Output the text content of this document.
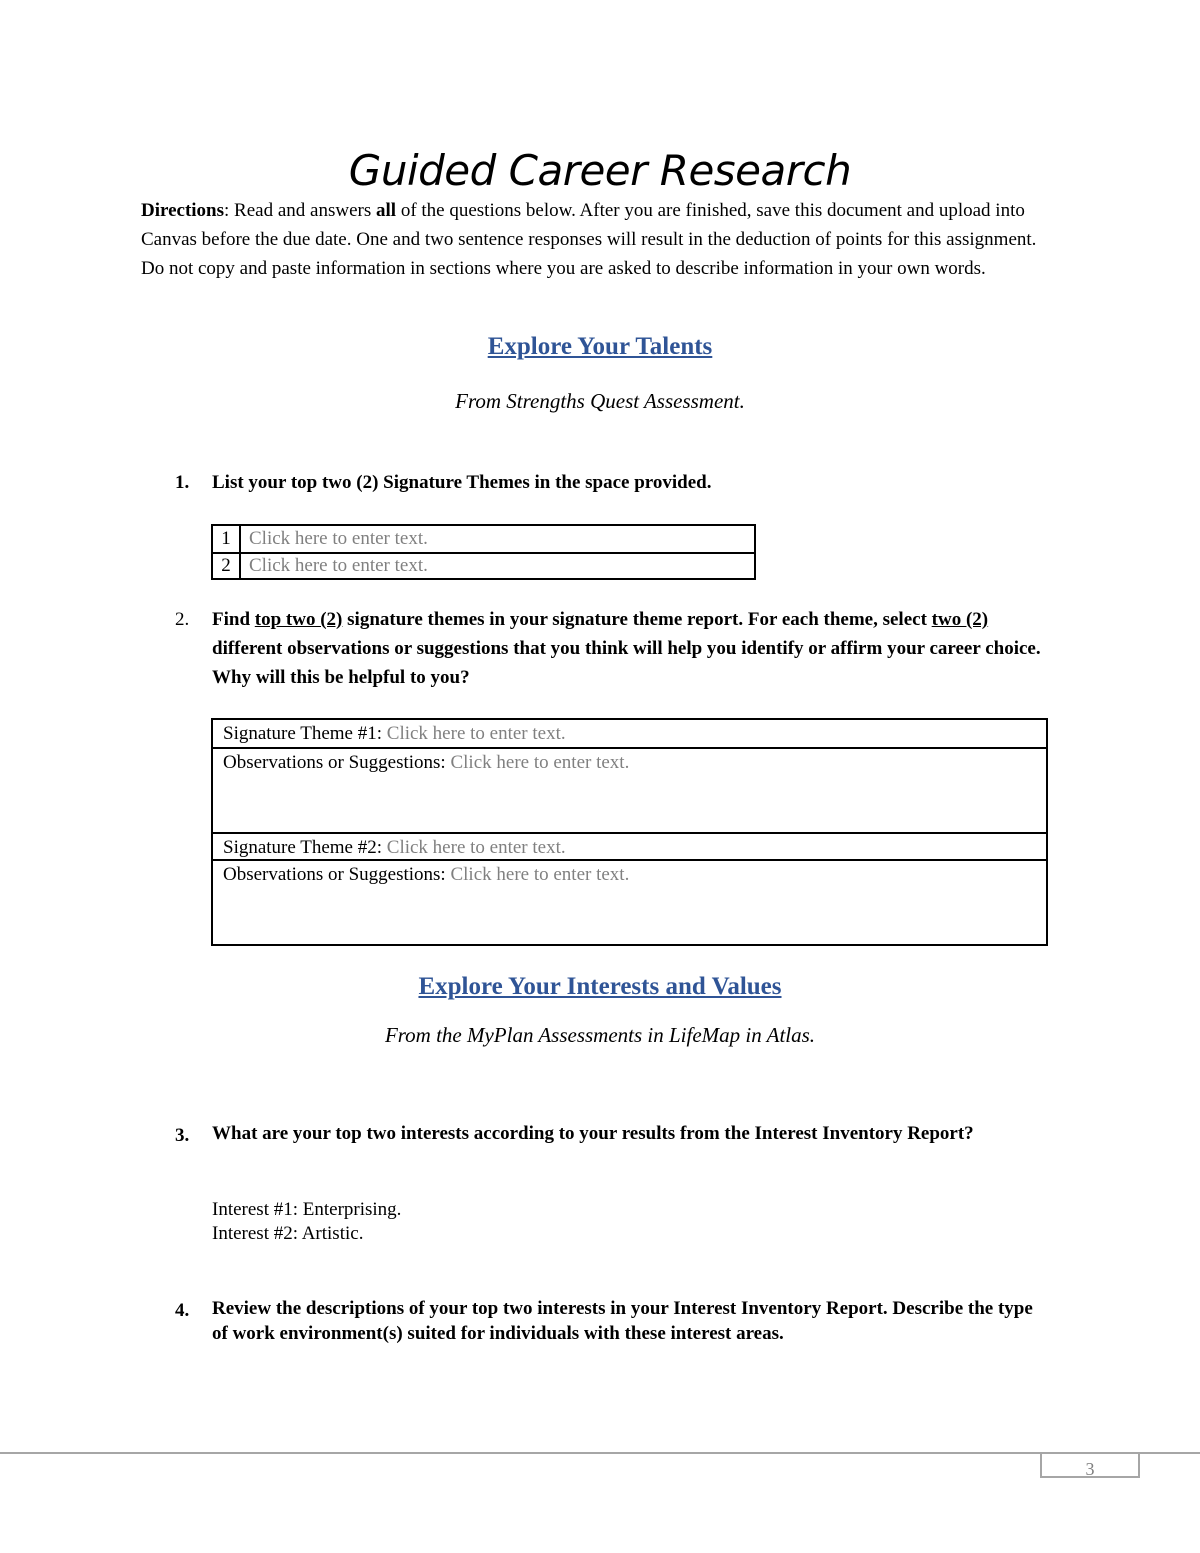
Guided Career Research
Directions: Read and answers all of the questions below. After you are finished, save this document and upload into Canvas before the due date. One and two sentence responses will result in the deduction of points for this assignment. Do not copy and paste information in sections where you are asked to describe information in your own words.
Explore Your Talents
From Strengths Quest Assessment.
1.	List your top two (2) Signature Themes in the space provided.
1	Click here to enter text.
2	Click here to enter text.
2.	Find top two (2) signature themes in your signature theme report. For each theme, select two (2) different observations or suggestions that you think will help you identify or affirm your career choice. Why will this be helpful to you?
Signature Theme #1: Click here to enter text.
Observations or Suggestions: Click here to enter text.
Signature Theme #2: Click here to enter text.
Observations or Suggestions: Click here to enter text.
Explore Your Interests and Values
From the MyPlan Assessments in LifeMap in Atlas.
3.	What are your top two interests according to your results from the Interest Inventory Report?
Interest #1: Enterprising.
Interest #2: Artistic.
4.	Review the descriptions of your top two interests in your Interest Inventory Report. Describe the type of work environment(s) suited for individuals with these interest areas.
3
